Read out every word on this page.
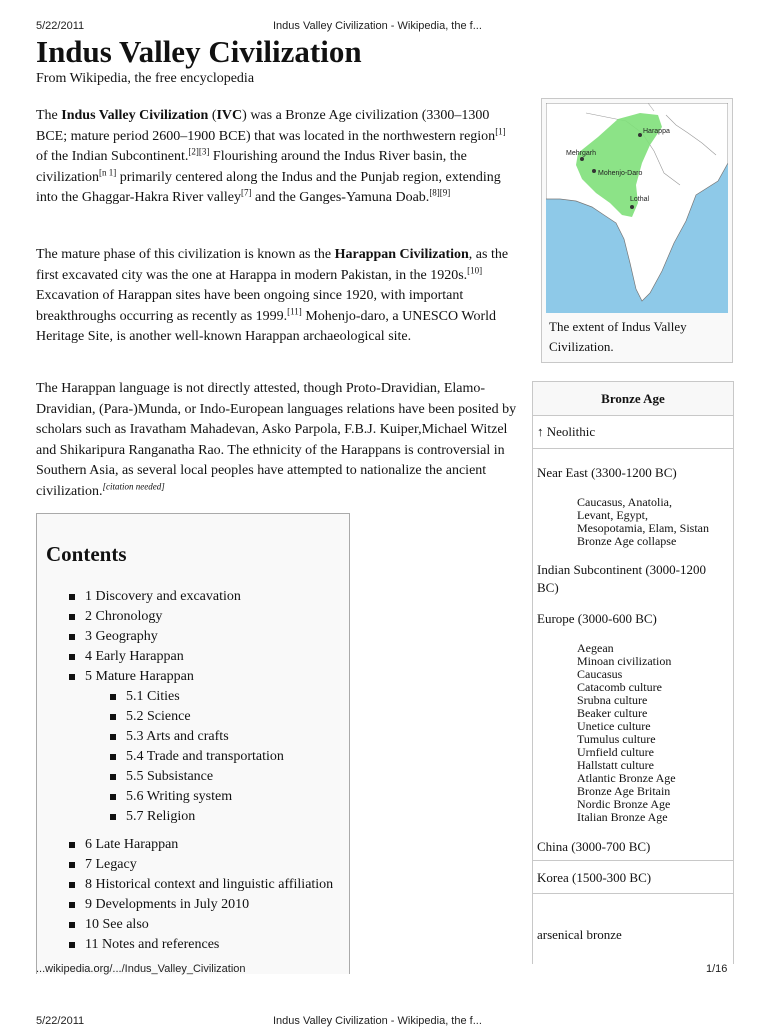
5/22/2011	Indus Valley Civilization - Wikipedia, the f...
Indus Valley Civilization
From Wikipedia, the free encyclopedia

The Indus Valley Civilization (IVC) was a Bronze Age civilization (3300–1300 BCE; mature period 2600–1900 BCE) that was located in the northwestern region[1] of the Indian Subcontinent.[2][3] Flourishing around the Indus River basin, the civilization[n 1] primarily centered along the Indus and the Punjab region, extending into the Ghaggar-Hakra River valley[7] and the Ganges-Yamuna Doab.[8][9]

The mature phase of this civilization is known as the Harappan Civilization, as the first excavated city was the one at Harappa in modern Pakistan, in the 1920s.[10] Excavation of Harappan sites have been ongoing since 1920, with important breakthroughs occurring as recently as 1999.[11] Mohenjo-daro, a UNESCO World Heritage Site, is another well-known Harappan archaeological site.

The Harappan language is not directly attested, though Proto-Dravidian, Elamo-Dravidian, (Para-)Munda, or Indo-European languages relations have been posited by scholars such as Iravatham Mahadevan, Asko Parpola, F.B.J. Kuiper,Michael Witzel and Shikaripura Ranganatha Rao. The ethnicity of the Harappans is controversial in Southern Asia, as several local peoples have attempted to nationalize the ancient civilization.[citation needed]

Harappa
Mehrgarh
Mohenjo-Daro
Lothal
The extent of Indus Valley Civilization.
Bronze Age
↑ Neolithic
Near East (3300-1200 BC)
Caucasus, Anatolia,
Levant, Egypt,
Mesopotamia, Elam, Sistan
Bronze Age collapse
Indian Subcontinent (3000-1200 BC)
Europe (3000-600 BC)
Aegean
Minoan civilization
Caucasus
Catacomb culture
Srubna culture
Beaker culture
Unetice culture
Tumulus culture
Urnfield culture
Hallstatt culture
Atlantic Bronze Age
Bronze Age Britain
Nordic Bronze Age
Italian Bronze Age
China (3000-700 BC)
Korea (1500-300 BC)
arsenical bronze
Contents
1 Discovery and excavation
2 Chronology
3 Geography
4 Early Harappan
5 Mature Harappan
5.1 Cities
5.2 Science
5.3 Arts and crafts
5.4 Trade and transportation
5.5 Subsistance
5.6 Writing system
5.7 Religion
6 Late Harappan
7 Legacy
8 Historical context and linguistic affiliation
9 Developments in July 2010
10 See also
11 Notes and references
...wikipedia.org/.../Indus_Valley_Civilization	1/16
5/22/2011	Indus Valley Civilization - Wikipedia, the f...
